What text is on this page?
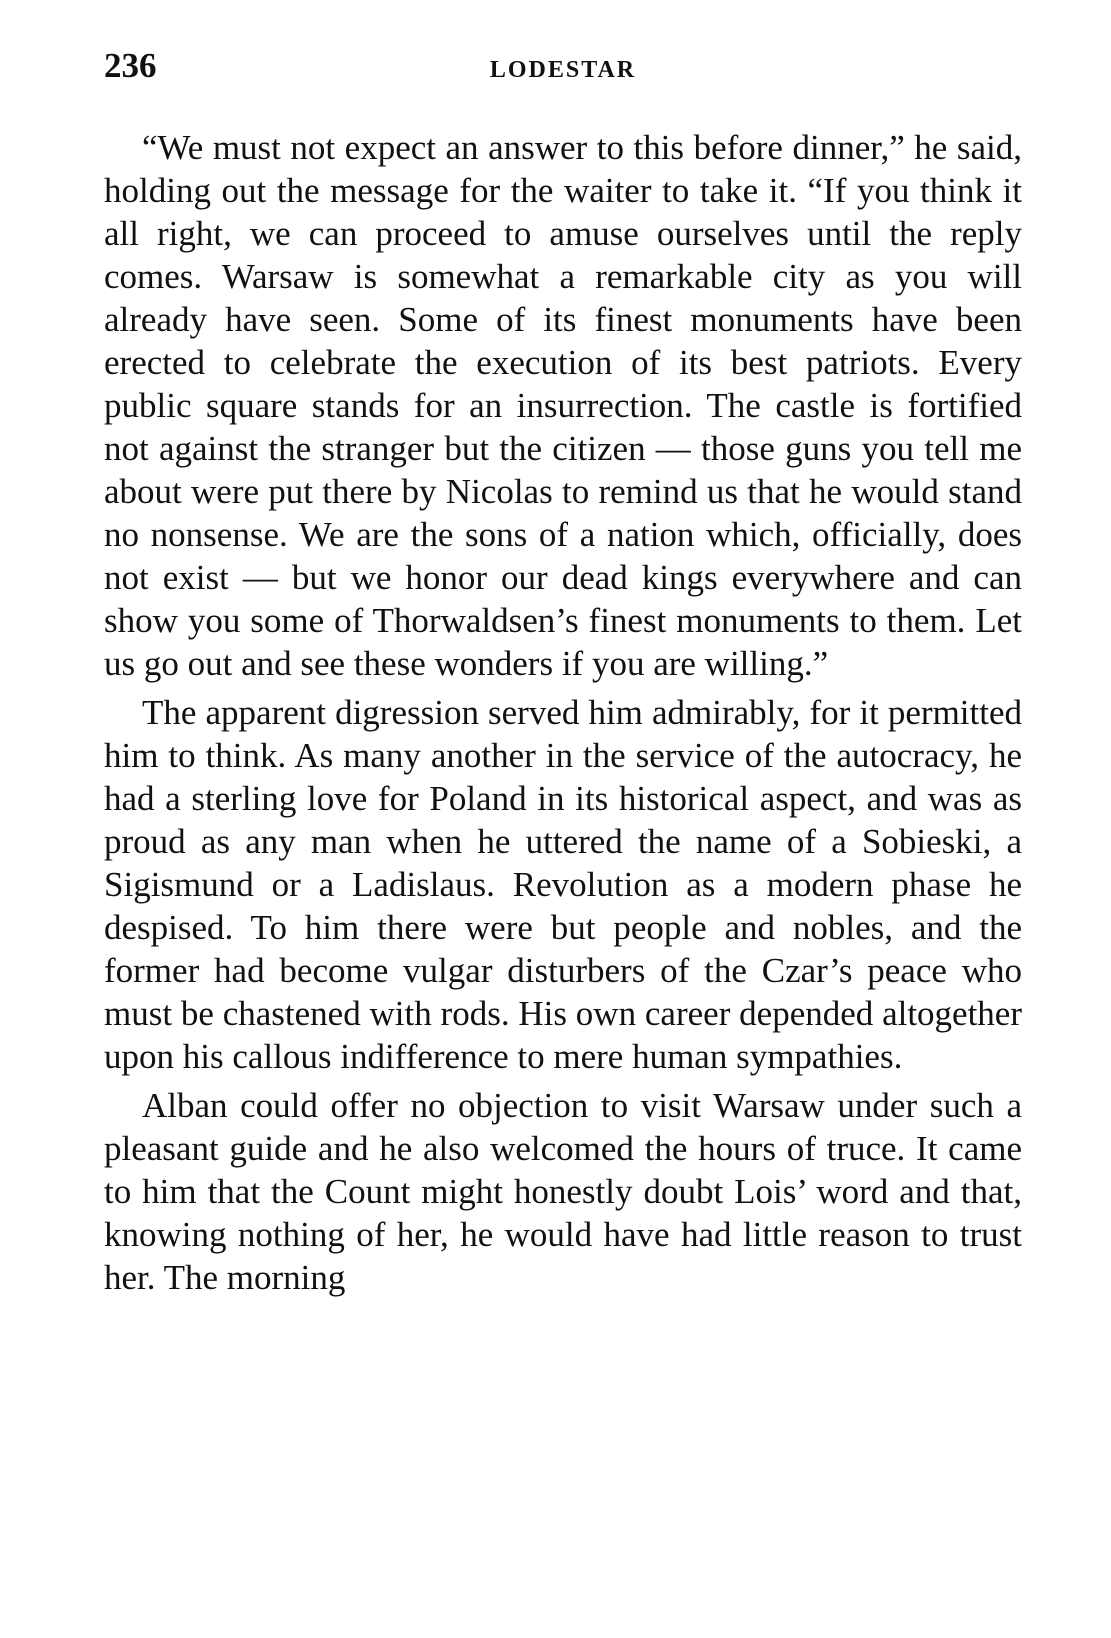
236	LODESTAR

“We must not expect an answer to this before dinner,” he said, holding out the message for the waiter to take it. “If you think it all right, we can proceed to amuse ourselves until the reply comes. Warsaw is somewhat a remarkable city as you will already have seen. Some of its finest monuments have been erected to celebrate the execution of its best patriots. Every public square stands for an insurrection. The castle is fortified not against the stranger but the citizen — those guns you tell me about were put there by Nicolas to remind us that he would stand no nonsense. We are the sons of a nation which, officially, does not exist — but we honor our dead kings everywhere and can show you some of Thorwaldsen’s finest monuments to them. Let us go out and see these wonders if you are willing.”

The apparent digression served him admirably, for it permitted him to think. As many another in the service of the autocracy, he had a sterling love for Poland in its historical aspect, and was as proud as any man when he uttered the name of a Sobieski, a Sigismund or a Ladislaus. Revolution as a modern phase he despised. To him there were but people and nobles, and the former had become vulgar disturbers of the Czar’s peace who must be chastened with rods. His own career depended altogether upon his callous indifference to mere human sympathies.

Alban could offer no objection to visit Warsaw under such a pleasant guide and he also welcomed the hours of truce. It came to him that the Count might honestly doubt Lois’ word and that, knowing nothing of her, he would have had little reason to trust her. The morning
